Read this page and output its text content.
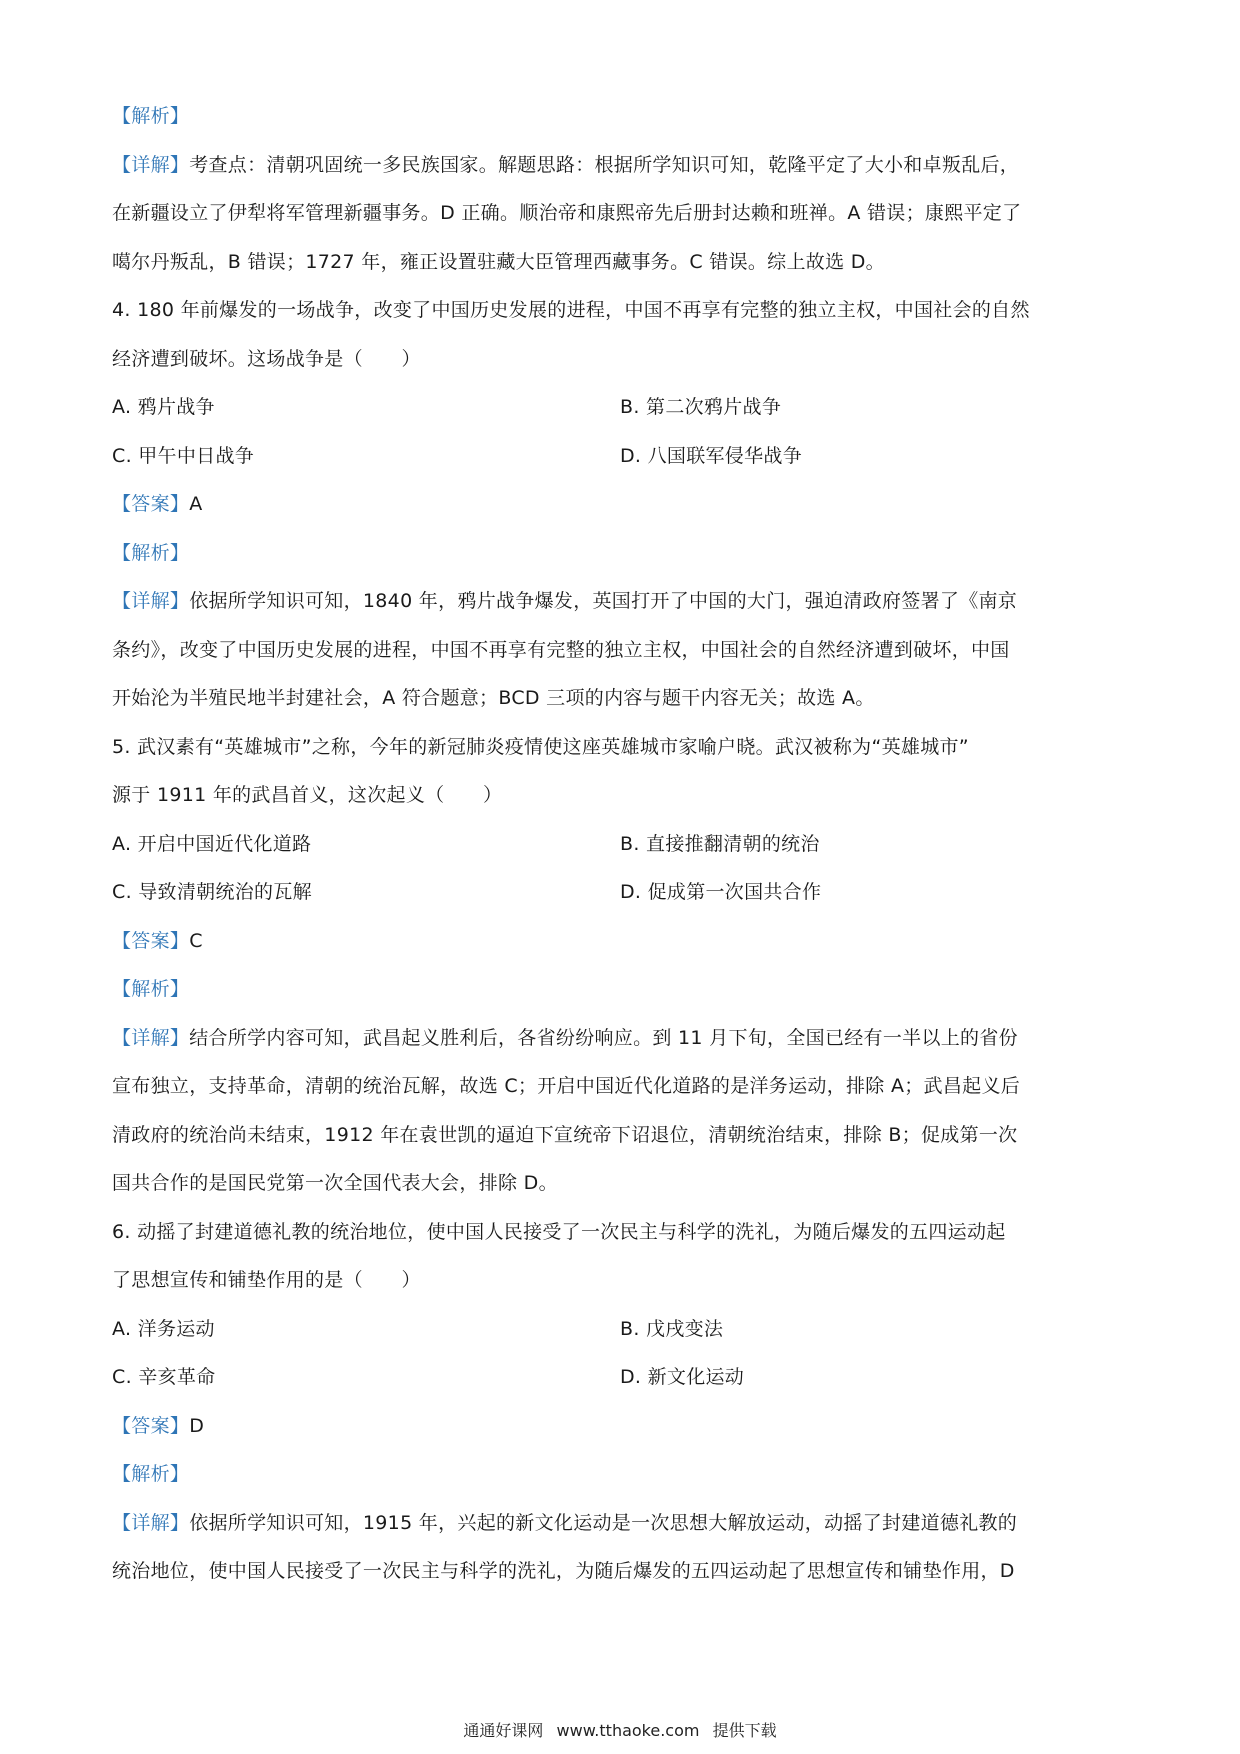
【解析】
【详解】考查点：清朝巩固统一多民族国家。解题思路：根据所学知识可知，乾隆平定了大小和卓叛乱后，
在新疆设立了伊犁将军管理新疆事务。D 正确。顺治帝和康熙帝先后册封达赖和班禅。A 错误；康熙平定了
噶尔丹叛乱，B 错误；1727 年，雍正设置驻藏大臣管理西藏事务。C 错误。综上故选 D。
4. 180 年前爆发的一场战争，改变了中国历史发展的进程，中国不再享有完整的独立主权，中国社会的自然
经济遭到破坏。这场战争是（　　）
A. 鸦片战争	B. 第二次鸦片战争
C. 甲午中日战争	D. 八国联军侵华战争
【答案】A
【解析】
【详解】依据所学知识可知，1840 年，鸦片战争爆发，英国打开了中国的大门，强迫清政府签署了《南京
条约》，改变了中国历史发展的进程，中国不再享有完整的独立主权，中国社会的自然经济遭到破坏，中国
开始沦为半殖民地半封建社会，A 符合题意；BCD 三项的内容与题干内容无关；故选 A。
5. 武汉素有“英雄城市”之称，今年的新冠肺炎疫情使这座英雄城市家喻户晓。武汉被称为“英雄城市”
源于 1911 年的武昌首义，这次起义（　　）
A. 开启中国近代化道路	B. 直接推翻清朝的统治
C. 导致清朝统治的瓦解	D. 促成第一次国共合作
【答案】C
【解析】
【详解】结合所学内容可知，武昌起义胜利后，各省纷纷响应。到 11 月下旬，全国已经有一半以上的省份
宣布独立，支持革命，清朝的统治瓦解，故选 C；开启中国近代化道路的是洋务运动，排除 A；武昌起义后
清政府的统治尚未结束，1912 年在袁世凯的逼迫下宣统帝下诏退位，清朝统治结束，排除 B；促成第一次
国共合作的是国民党第一次全国代表大会，排除 D。
6. 动摇了封建道德礼教的统治地位，使中国人民接受了一次民主与科学的洗礼，为随后爆发的五四运动起
了思想宣传和铺垫作用的是（　　）
A. 洋务运动	B. 戊戌变法
C. 辛亥革命	D. 新文化运动
【答案】D
【解析】
【详解】依据所学知识可知，1915 年，兴起的新文化运动是一次思想大解放运动，动摇了封建道德礼教的
统治地位，使中国人民接受了一次民主与科学的洗礼，为随后爆发的五四运动起了思想宣传和铺垫作用，D
通通好课网 www.tthaoke.com 提供下载
